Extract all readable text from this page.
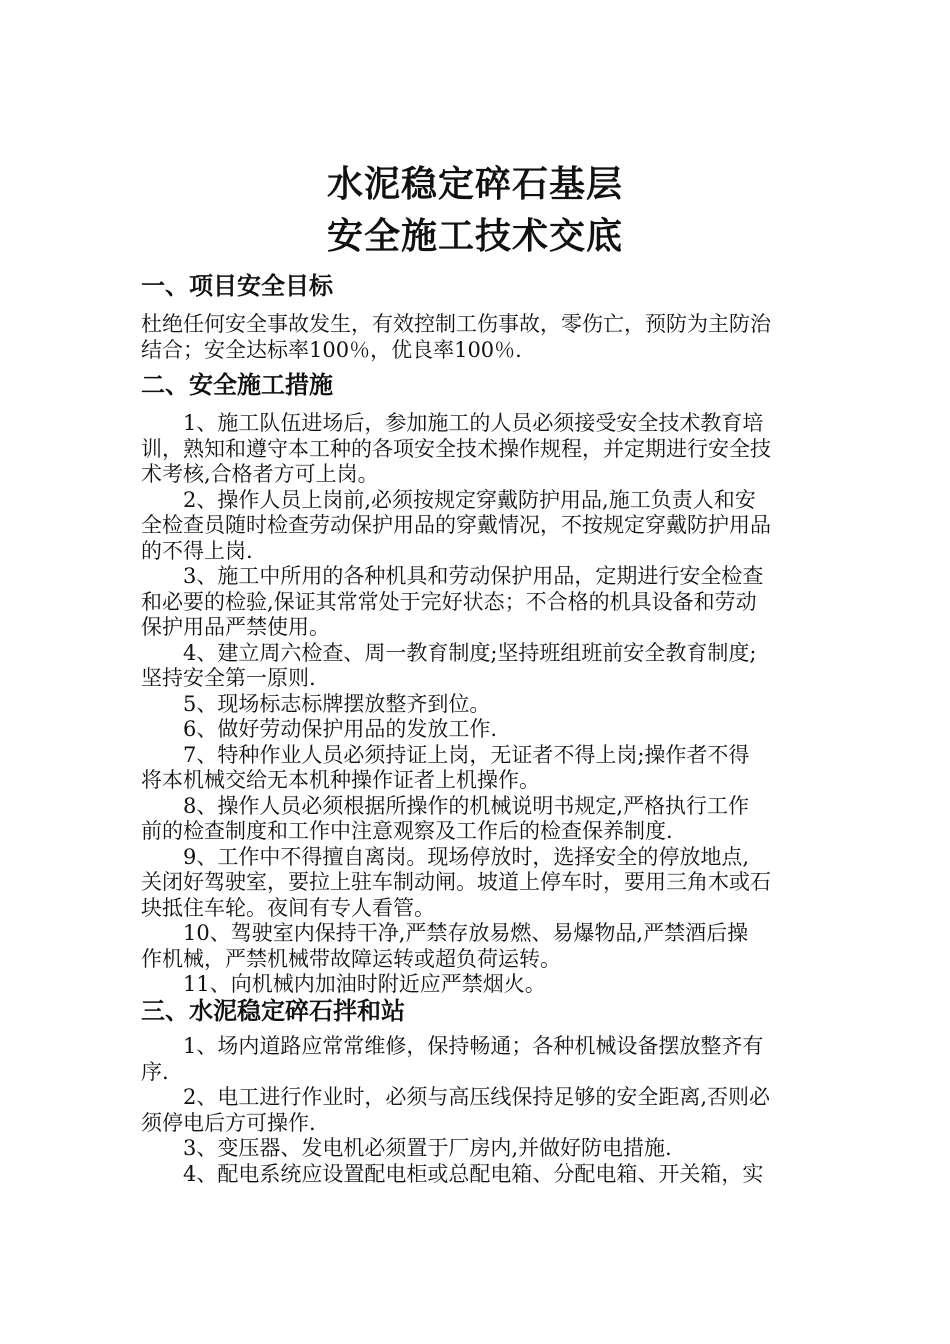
水泥稳定碎石基层
安全施工技术交底
一、项目安全目标
杜绝任何安全事故发生，有效控制工伤事故，零伤亡，预防为主防治
结合；安全达标率100％，优良率100％.
二、安全施工措施
1、施工队伍进场后，参加施工的人员必须接受安全技术教育培
训，熟知和遵守本工种的各项安全技术操作规程，并定期进行安全技
术考核,合格者方可上岗。
2、操作人员上岗前,必须按规定穿戴防护用品,施工负责人和安
全检查员随时检查劳动保护用品的穿戴情况，不按规定穿戴防护用品
的不得上岗.
3、施工中所用的各种机具和劳动保护用品，定期进行安全检查
和必要的检验,保证其常常处于完好状态；不合格的机具设备和劳动
保护用品严禁使用。
4、建立周六检查、周一教育制度;坚持班组班前安全教育制度;
坚持安全第一原则.
5、现场标志标牌摆放整齐到位。
6、做好劳动保护用品的发放工作.
7、特种作业人员必须持证上岗，无证者不得上岗;操作者不得
将本机械交给无本机种操作证者上机操作。
8、操作人员必须根据所操作的机械说明书规定,严格执行工作
前的检查制度和工作中注意观察及工作后的检查保养制度.
9、工作中不得擅自离岗。现场停放时，选择安全的停放地点,
关闭好驾驶室，要拉上驻车制动闸。坡道上停车时，要用三角木或石
块抵住车轮。夜间有专人看管。
10、驾驶室内保持干净,严禁存放易燃、易爆物品,严禁酒后操
作机械，严禁机械带故障运转或超负荷运转。
11、向机械内加油时附近应严禁烟火。
三、水泥稳定碎石拌和站
1、场内道路应常常维修，保持畅通；各种机械设备摆放整齐有
序.
2、电工进行作业时，必须与高压线保持足够的安全距离,否则必
须停电后方可操作.
3、变压器、发电机必须置于厂房内,并做好防电措施.
4、配电系统应设置配电柜或总配电箱、分配电箱、开关箱，实
